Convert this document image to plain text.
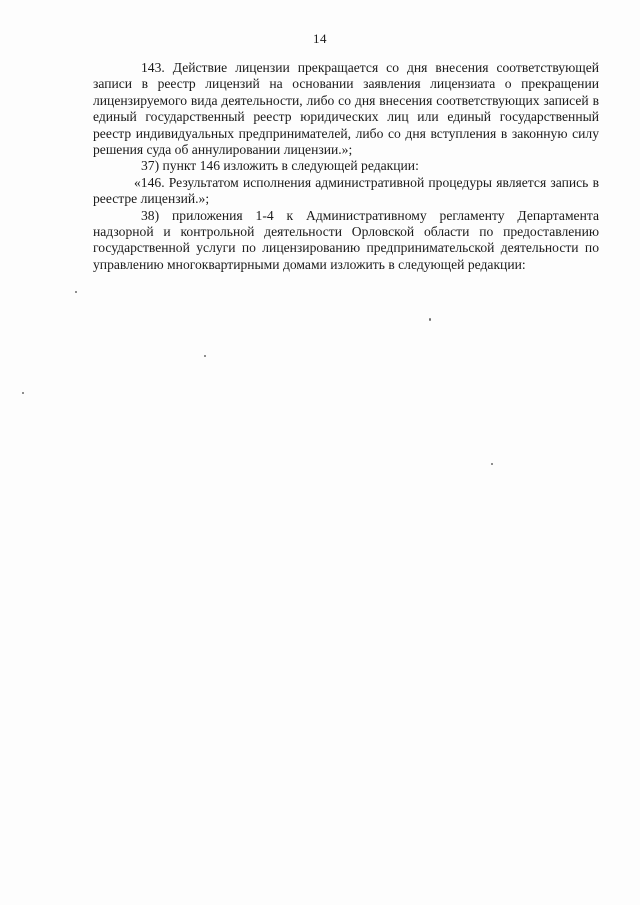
14

143. Действие лицензии прекращается со дня внесения соответствующей записи в реестр лицензий на основании заявления лицензиата о прекращении лицензируемого вида деятельности, либо со дня внесения соответствующих записей в единый государственный реестр юридических лиц или единый государственный реестр индивидуальных предпринимателей, либо со дня вступления в законную силу решения суда об аннулировании лицензии.»;

37) пункт 146 изложить в следующей редакции:

«146. Результатом исполнения административной процедуры является запись в реестре лицензий.»;

38) приложения 1-4 к Административному регламенту Департамента надзорной и контрольной деятельности Орловской области по предоставлению государственной услуги по лицензированию предпринимательской деятельности по управлению многоквартирными домами изложить в следующей редакции:
